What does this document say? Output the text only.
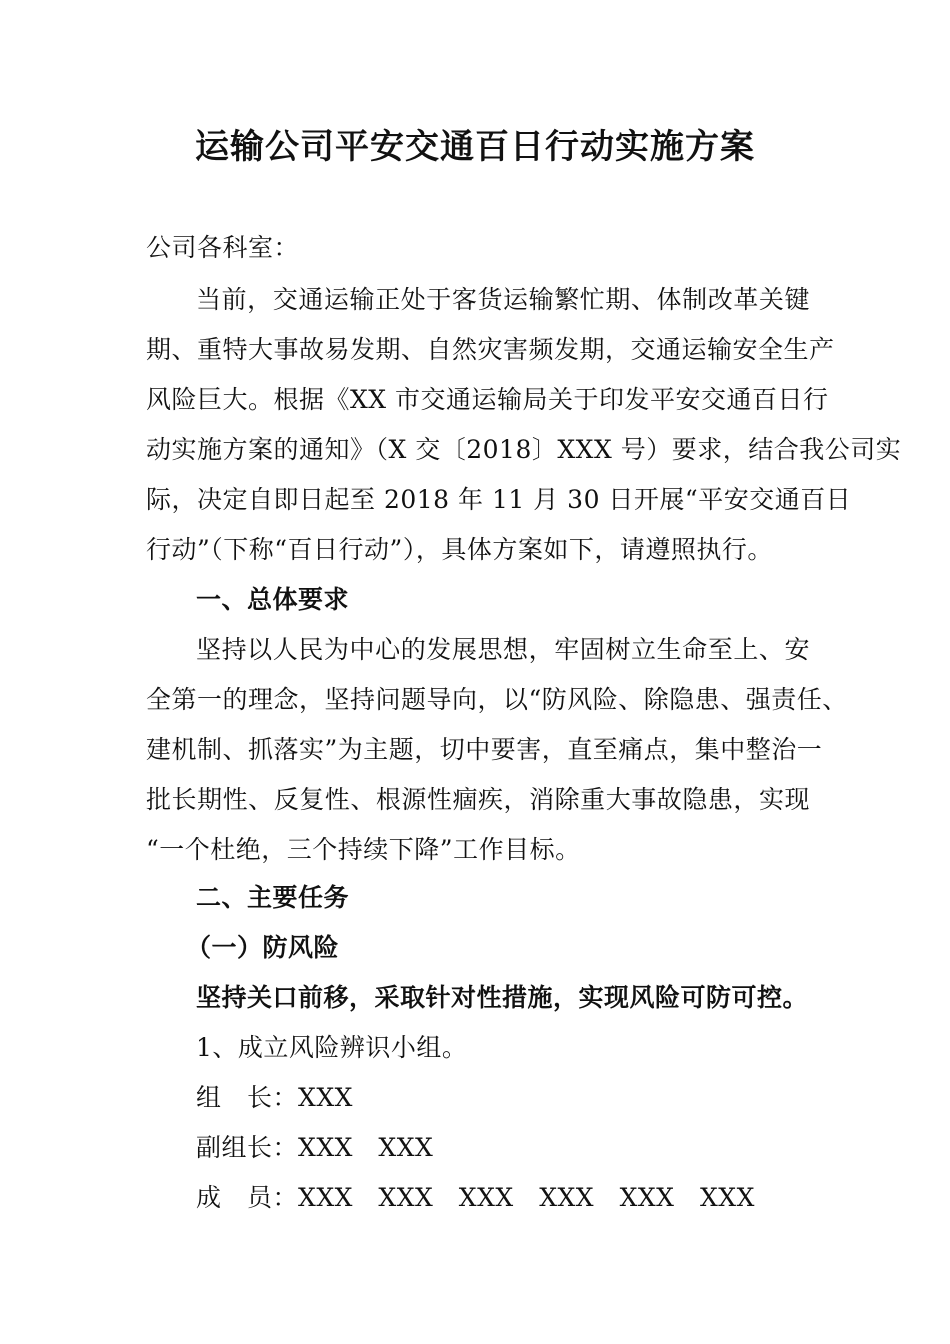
运输公司平安交通百日行动实施方案
公司各科室：
当前，交通运输正处于客货运输繁忙期、体制改革关键
期、重特大事故易发期、自然灾害频发期，交通运输安全生产
风险巨大。根据《XX 市交通运输局关于印发平安交通百日行
动实施方案的通知》（X 交〔2018〕XXX 号）要求，结合我公司实
际，决定自即日起至 2018 年 11 月 30 日开展“平安交通百日
行动”（下称“百日行动”），具体方案如下，请遵照执行。
一、总体要求
坚持以人民为中心的发展思想，牢固树立生命至上、安
全第一的理念，坚持问题导向，以“防风险、除隐患、强责任、
建机制、抓落实”为主题，切中要害，直至痛点，集中整治一
批长期性、反复性、根源性痼疾，消除重大事故隐患，实现
“一个杜绝，三个持续下降”工作目标。
二、主要任务
（一）防风险
坚持关口前移，采取针对性措施，实现风险可防可控。
1、成立风险辨识小组。
组　长：XXX
副组长：XXX　XXX
成　员：XXX　XXX　XXX　XXX　XXX　XXX
